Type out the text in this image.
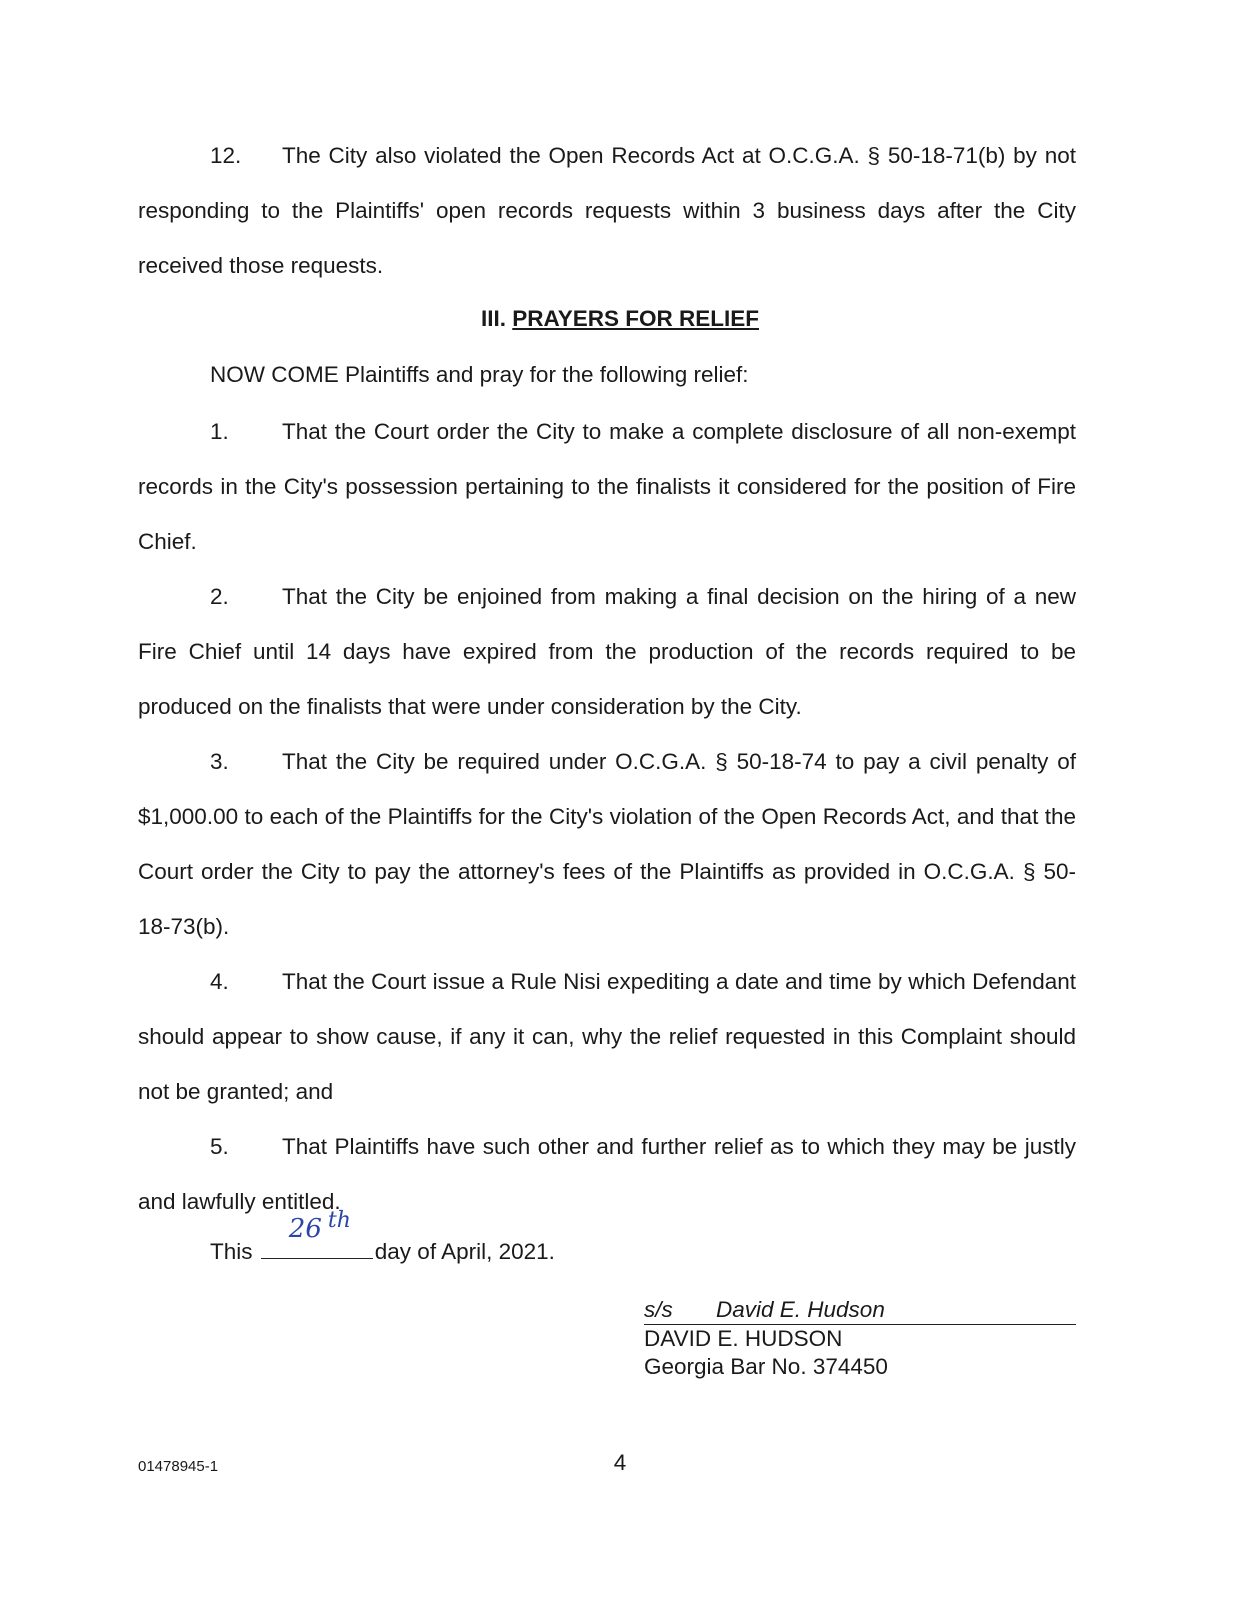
12. The City also violated the Open Records Act at O.C.G.A. § 50-18-71(b) by not responding to the Plaintiffs' open records requests within 3 business days after the City received those requests.

III. PRAYERS FOR RELIEF
NOW COME Plaintiffs and pray for the following relief:

1. That the Court order the City to make a complete disclosure of all non-exempt records in the City's possession pertaining to the finalists it considered for the position of Fire Chief.

2. That the City be enjoined from making a final decision on the hiring of a new Fire Chief until 14 days have expired from the production of the records required to be produced on the finalists that were under consideration by the City.

3. That the City be required under O.C.G.A. § 50-18-74 to pay a civil penalty of $1,000.00 to each of the Plaintiffs for the City's violation of the Open Records Act, and that the Court order the City to pay the attorney's fees of the Plaintiffs as provided in O.C.G.A. § 50-18-73(b).

4. That the Court issue a Rule Nisi expediting a date and time by which Defendant should appear to show cause, if any it can, why the relief requested in this Complaint should not be granted; and

5. That Plaintiffs have such other and further relief as to which they may be justly and lawfully entitled.

This
26 $^{th}$
day of April, 2021.
s/s David E. Hudson
DAVID E. HUDSON
Georgia Bar No. 374450
01478945-1	4
